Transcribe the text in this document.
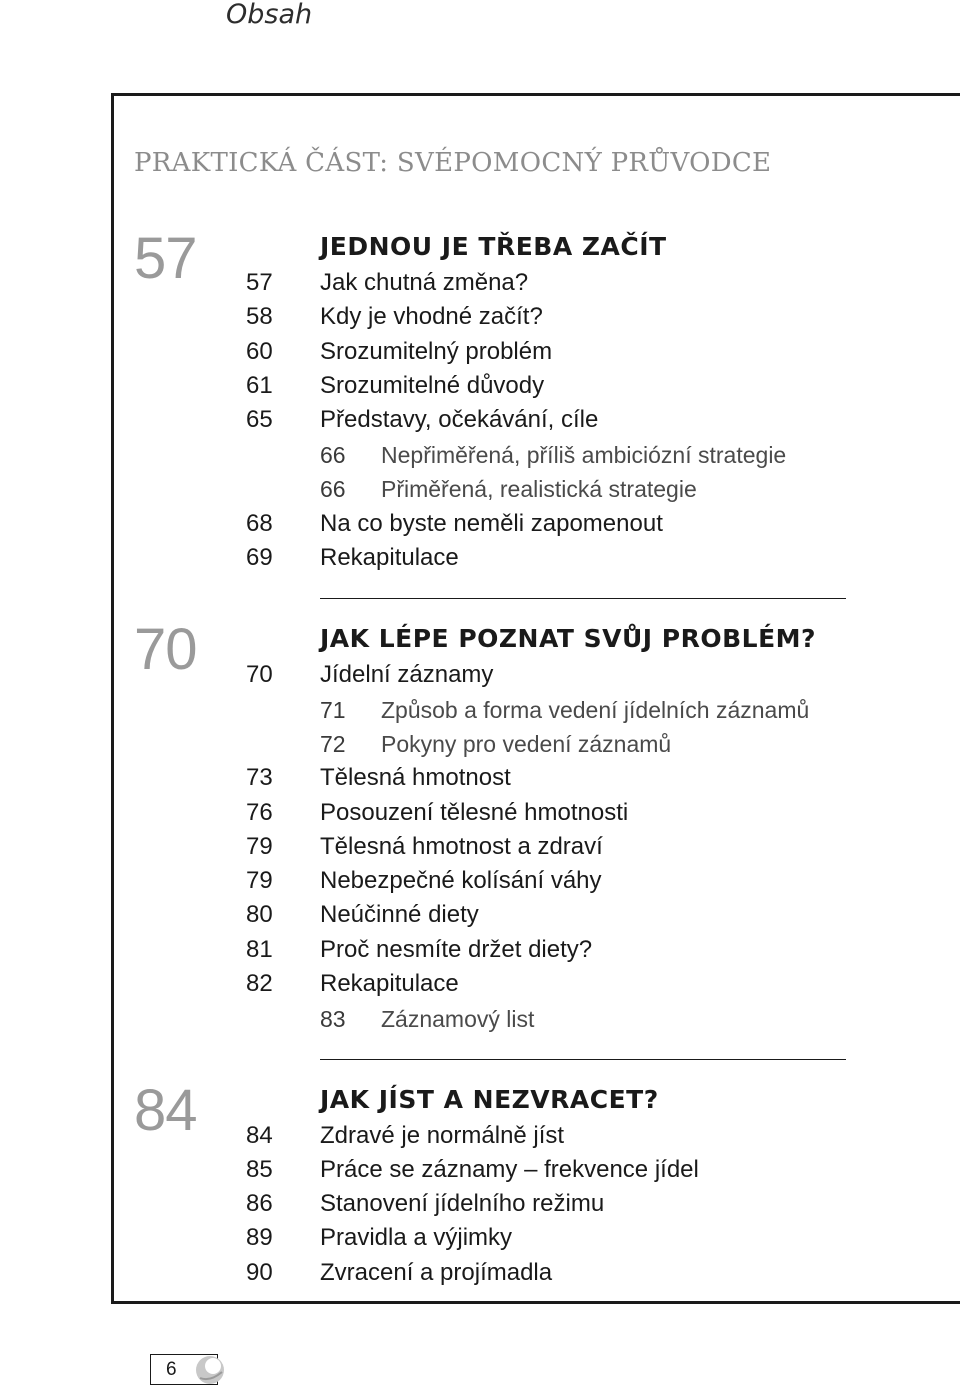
Obsah
PRAKTICKÁ ČÁST: SVÉPOMOCNÝ PRŮVODCE
57	JEDNOU JE TŘEBA ZAČÍT
57 Jak chutná změna?
58 Kdy je vhodné začít?
60 Srozumitelný problém
61 Srozumitelné důvody
65 Představy, očekávání, cíle
66 Nepřiměřená, příliš ambiciózní strategie
66 Přiměřená, realistická strategie
68 Na co byste neměli zapomenout
69 Rekapitulace
70	JAK LÉPE POZNAT SVŮJ PROBLÉM?
70 Jídelní záznamy
71 Způsob a forma vedení jídelních záznamů
72 Pokyny pro vedení záznamů
73 Tělesná hmotnost
76 Posouzení tělesné hmotnosti
79 Tělesná hmotnost a zdraví
79 Nebezpečné kolísání váhy
80 Neúčinné diety
81 Proč nesmíte držet diety?
82 Rekapitulace
83 Záznamový list
84	JAK JÍST A NEZVRACET?
84 Zdravé je normálně jíst
85 Práce se záznamy – frekvence jídel
86 Stanovení jídelního režimu
89 Pravidla a výjimky
90 Zvracení a projímadla
6
